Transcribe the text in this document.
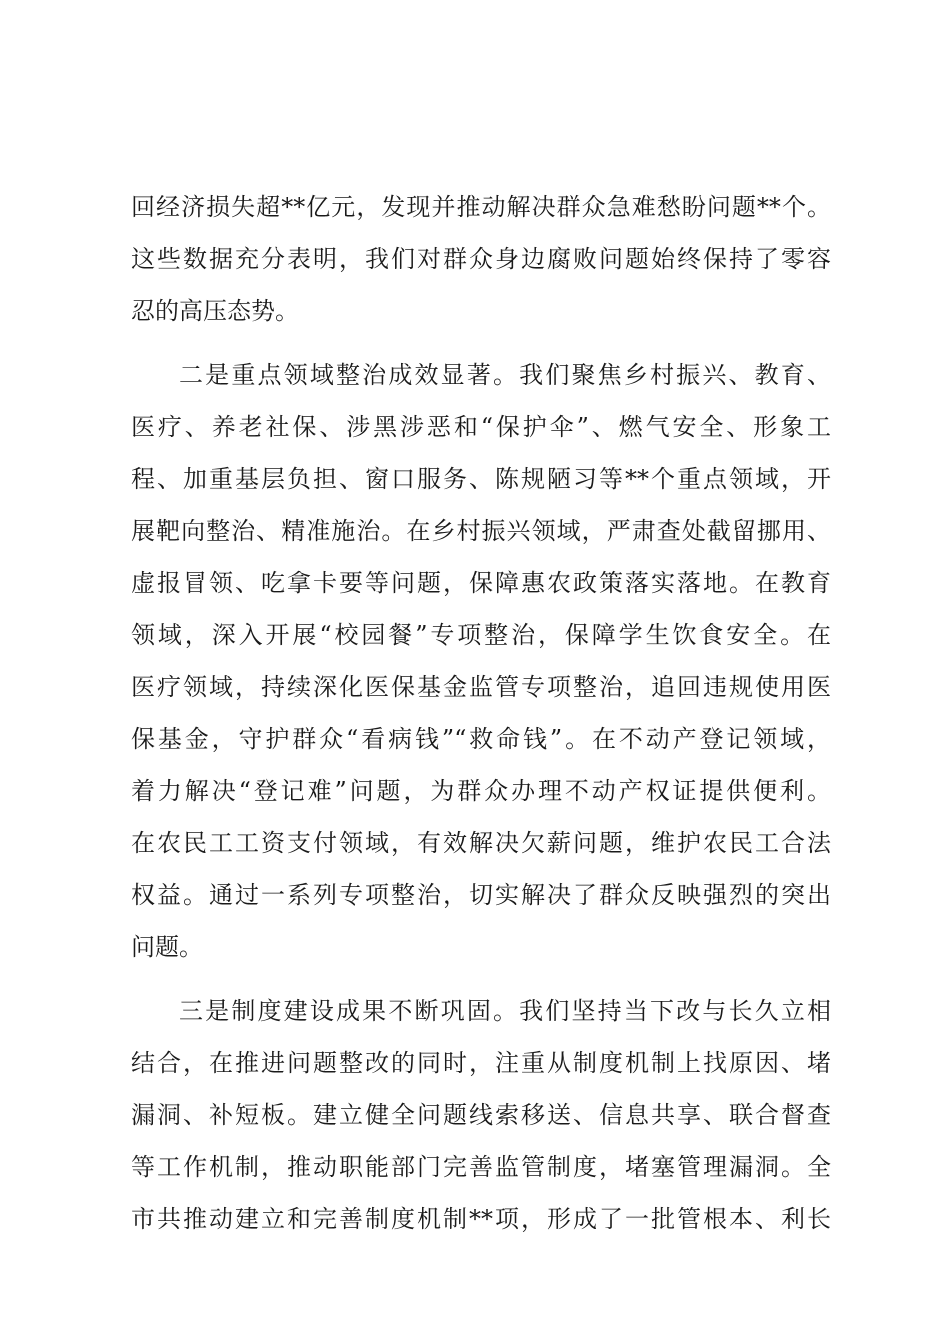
回经济损失超**亿元，发现并推动解决群众急难愁盼问题**个。
这些数据充分表明，我们对群众身边腐败问题始终保持了零容
忍的高压态势。
二是重点领域整治成效显著。我们聚焦乡村振兴、教育、
医疗、养老社保、涉黑涉恶和“保护伞”、燃气安全、形象工
程、加重基层负担、窗口服务、陈规陋习等**个重点领域，开
展靶向整治、精准施治。在乡村振兴领域，严肃查处截留挪用、
虚报冒领、吃拿卡要等问题，保障惠农政策落实落地。在教育
领域，深入开展“校园餐”专项整治，保障学生饮食安全。在
医疗领域，持续深化医保基金监管专项整治，追回违规使用医
保基金，守护群众“看病钱”“救命钱”。在不动产登记领域，
着力解决“登记难”问题，为群众办理不动产权证提供便利。
在农民工工资支付领域，有效解决欠薪问题，维护农民工合法
权益。通过一系列专项整治，切实解决了群众反映强烈的突出
问题。
三是制度建设成果不断巩固。我们坚持当下改与长久立相
结合，在推进问题整改的同时，注重从制度机制上找原因、堵
漏洞、补短板。建立健全问题线索移送、信息共享、联合督查
等工作机制，推动职能部门完善监管制度，堵塞管理漏洞。全
市共推动建立和完善制度机制**项，形成了一批管根本、利长
